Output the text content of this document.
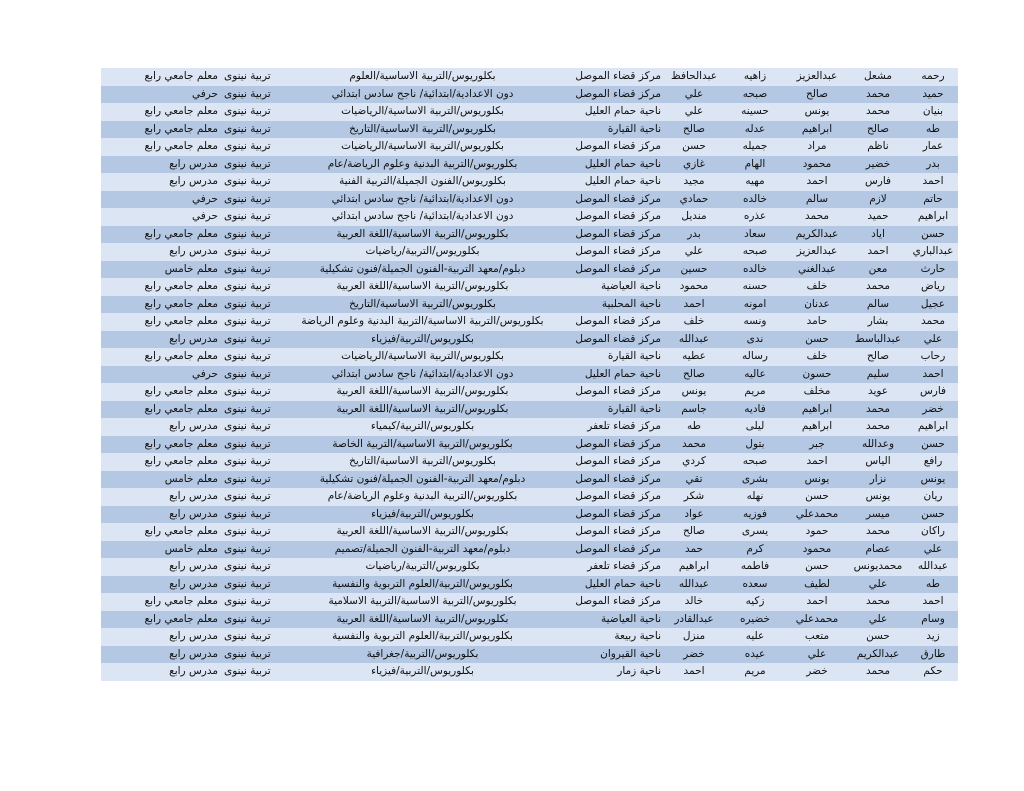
رحمه	مشعل	عبدالعزيز	زاهيه	عبدالحافظ	مركز قضاء الموصل	بكلوريوس/التربية الاساسية/العلوم	تربية نينوى	معلم جامعي رابع
حميد	محمد	صالح	صبحه	علي	مركز قضاء الموصل	دون الاعدادية/ابتدائية/ ناجح سادس ابتدائي	تربية نينوى	حرفي
بنيان	محمد	يونس	حسينه	علي	ناحية حمام العليل	بكلوريوس/التربية الاساسية/الرياضيات	تربية نينوى	معلم جامعي رابع
طه	صالح	ابراهيم	عدله	صالح	ناحية القيارة	بكلوريوس/التربية الاساسية/التاريخ	تربية نينوى	معلم جامعي رابع
عمار	ناظم	مراد	جميله	حسن	مركز قضاء الموصل	بكلوريوس/التربية الاساسية/الرياضيات	تربية نينوى	معلم جامعي رابع
بدر	خضير	محمود	الهام	غازي	ناحية حمام العليل	بكلوريوس/التربية البدنية وعلوم الرياضة/عام	تربية نينوى	مدرس رابع
احمد	فارس	احمد	مهيه	مجيد	ناحية حمام العليل	بكلوريوس/الفنون الجميلة/التربية الفنية	تربية نينوى	مدرس رابع
حاتم	لازم	سالم	خالده	حمادي	مركز قضاء الموصل	دون الاعدادية/ابتدائية/ ناجح سادس ابتدائي	تربية نينوى	حرفي
ابراهيم	حميد	محمد	عذره	منديل	مركز قضاء الموصل	دون الاعدادية/ابتدائية/ ناجح سادس ابتدائي	تربية نينوى	حرفي
حسن	اياد	عبدالكريم	سعاد	بدر	مركز قضاء الموصل	بكلوريوس/التربية الاساسية/اللغة العربية	تربية نينوى	معلم جامعي رابع
عبدالباري	احمد	عبدالعزيز	صبحه	علي	مركز قضاء الموصل	بكلوريوس/التربية/رياضيات	تربية نينوى	مدرس رابع
حارث	معن	عبدالغني	خالده	حسين	مركز قضاء الموصل	دبلوم/معهد التربية-الفنون الجميلة/فنون تشكيلية	تربية نينوى	معلم خامس
رياض	محمد	خلف	حسنه	محمود	ناحية العياضية	بكلوريوس/التربية الاساسية/اللغة العربية	تربية نينوى	معلم جامعي رابع
عجيل	سالم	عدنان	امونه	احمد	ناحية المحلبية	بكلوريوس/التربية الاساسية/التاريخ	تربية نينوى	معلم جامعي رابع
محمد	بشار	حامد	ونسه	خلف	مركز قضاء الموصل	بكلوريوس/التربية الاساسية/التربية البدنية وعلوم الرياضة	تربية نينوى	معلم جامعي رابع
علي	عبدالباسط	حسن	ندى	عبدالله	مركز قضاء الموصل	بكلوريوس/التربية/فيزياء	تربية نينوى	مدرس رابع
رحاب	صالح	خلف	رساله	عطيه	ناحية القيارة	بكلوريوس/التربية الاساسية/الرياضيات	تربية نينوى	معلم جامعي رابع
احمد	سليم	حسون	عاليه	صالح	ناحية حمام العليل	دون الاعدادية/ابتدائية/ ناجح سادس ابتدائي	تربية نينوى	حرفي
فارس	عويد	مخلف	مريم	يونس	مركز قضاء الموصل	بكلوريوس/التربية الاساسية/اللغة العربية	تربية نينوى	معلم جامعي رابع
خضر	محمد	ابراهيم	فاديه	جاسم	ناحية القيارة	بكلوريوس/التربية الاساسية/اللغة العربية	تربية نينوى	معلم جامعي رابع
ابراهيم	محمد	ابراهيم	ليلى	طه	مركز قضاء تلعفر	بكلوريوس/التربية/كيمياء	تربية نينوى	مدرس رابع
حسن	وعدالله	جبر	بتول	محمد	مركز قضاء الموصل	بكلوريوس/التربية الاساسية/التربية الخاصة	تربية نينوى	معلم جامعي رابع
رافع	الياس	احمد	صبحه	كردي	مركز قضاء الموصل	بكلوريوس/التربية الاساسية/التاريخ	تربية نينوى	معلم جامعي رابع
يونس	نزار	يونس	بشرى	تقي	مركز قضاء الموصل	دبلوم/معهد التربية-الفنون الجميلة/فنون تشكيلية	تربية نينوى	معلم خامس
ريان	يونس	حسن	نهله	شكر	مركز قضاء الموصل	بكلوريوس/التربية البدنية وعلوم الرياضة/عام	تربية نينوى	مدرس رابع
حسن	ميسر	محمدعلي	فوزيه	عواد	مركز قضاء الموصل	بكلوريوس/التربية/فيزياء	تربية نينوى	مدرس رابع
راكان	محمد	حمود	يسرى	صالح	مركز قضاء الموصل	بكلوريوس/التربية الاساسية/اللغة العربية	تربية نينوى	معلم جامعي رابع
علي	عصام	محمود	كرم	حمد	مركز قضاء الموصل	دبلوم/معهد التربية-الفنون الجميلة/تصميم	تربية نينوى	معلم خامس
عبدالله	محمديونس	حسن	فاطمه	ابراهيم	مركز قضاء تلعفر	بكلوريوس/التربية/رياضيات	تربية نينوى	مدرس رابع
طه	علي	لطيف	سعده	عبدالله	ناحية حمام العليل	بكلوريوس/التربية/العلوم التربوية والنفسية	تربية نينوى	مدرس رابع
احمد	محمد	احمد	زكيه	خالد	مركز قضاء الموصل	بكلوريوس/التربية الاساسية/التربية الاسلامية	تربية نينوى	معلم جامعي رابع
وسام	علي	محمدعلي	خضيره	عبدالقادر	ناحية العياضية	بكلوريوس/التربية الاساسية/اللغة العربية	تربية نينوى	معلم جامعي رابع
زيد	حسن	متعب	عليه	منزل	ناحية ربيعة	بكلوريوس/التربية/العلوم التربوية والنفسية	تربية نينوى	مدرس رابع
طارق	عبدالكريم	علي	عيده	خضر	ناحية القيروان	بكلوريوس/التربية/جغرافية	تربية نينوى	مدرس رابع
حكم	محمد	خضر	مريم	احمد	ناحية زمار	بكلوريوس/التربية/فيزياء	تربية نينوى	مدرس رابع
